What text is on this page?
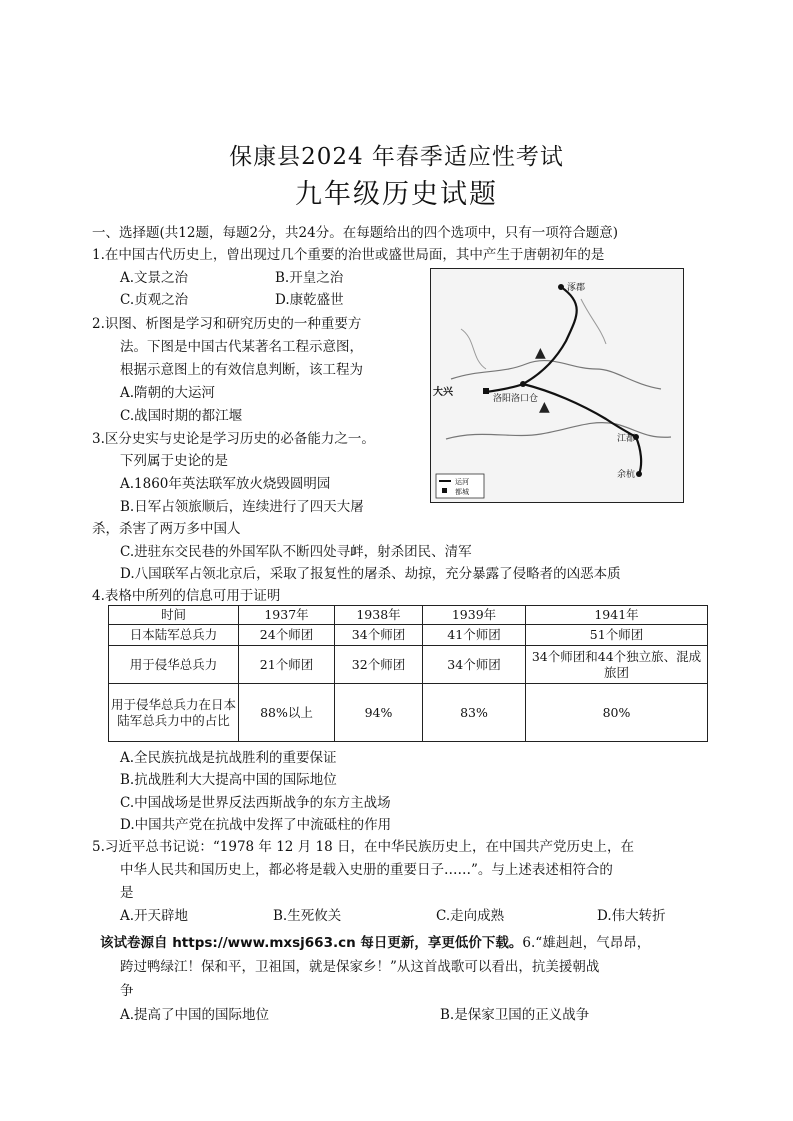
保康县2024 年春季适应性考试
九年级历史试题
一、选择题(共12题，每题2分，共24分。在每题给出的四个选项中，只有一项符合题意)
1.在中国古代历史上，曾出现过几个重要的治世或盛世局面，其中产生于唐朝初年的是
A.文景之治	B.开皇之治
C.贞观之治	D.康乾盛世
2.识图、析图是学习和研究历史的一种重要方
法。下图是中国古代某著名工程示意图，
根据示意图上的有效信息判断，该工程为
A.隋朝的大运河
C.战国时期的都江堰
▲
▲
涿郡
大兴
洛阳洛口仓
江都
余杭
运河
都城
3.区分史实与史论是学习历史的必备能力之一。
下列属于史论的是
A.1860年英法联军放火烧毁圆明园
B.日军占领旅顺后，连续进行了四天大屠
杀，杀害了两万多中国人
C.进驻东交民巷的外国军队不断四处寻衅，射杀团民、清军
D.八国联军占领北京后，采取了报复性的屠杀、劫掠，充分暴露了侵略者的凶恶本质
4.表格中所列的信息可用于证明
时间	1937年	1938年	1939年	1941年
日本陆军总兵力	24个师团	34个师团	41个师团	51个师团
用于侵华总兵力	21个师团	32个师团	34个师团	34个师团和44个独立旅、混成旅团
用于侵华总兵力在日本陆军总兵力中的占比	88%以上	94%	83%	80%
A.全民族抗战是抗战胜利的重要保证
B.抗战胜利大大提高中国的国际地位
C.中国战场是世界反法西斯战争的东方主战场
D.中国共产党在抗战中发挥了中流砥柱的作用
5.习近平总书记说：“1978 年 12 月 18 日，在中华民族历史上，在中国共产党历史上，在
中华人民共和国历史上，都必将是载入史册的重要日子……”。与上述表述相符合的
是
A.开天辟地	B.生死攸关	C.走向成熟	D.伟大转折
该试卷源自 https://www.mxsj663.cn 每日更新，享更低价下载。6.“雄赳赳，气昂昂，
跨过鸭绿江！保和平，卫祖国，就是保家乡！”从这首战歌可以看出，抗美援朝战
争
A.提高了中国的国际地位	B.是保家卫国的正义战争
